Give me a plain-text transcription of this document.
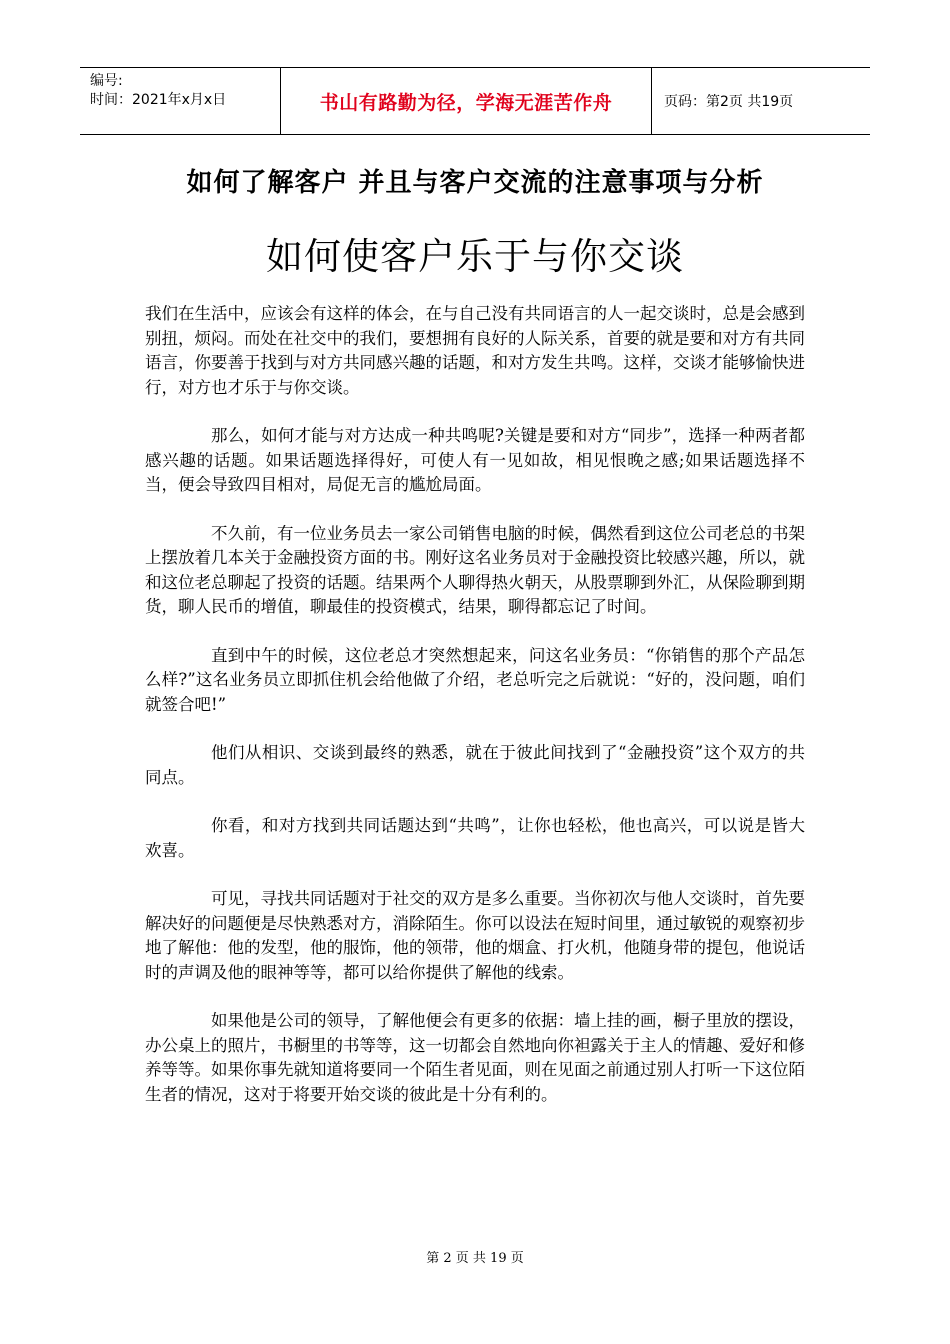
编号:
时间：2021年x月x日	书山有路勤为径，学海无涯苦作舟	页码：第2页 共19页
如何了解客户 并且与客户交流的注意事项与分析
如何使客户乐于与你交谈

我们在生活中，应该会有这样的体会，在与自己没有共同语言的人一起交谈时，总是会感到别扭，烦闷。而处在社交中的我们，要想拥有良好的人际关系，首要的就是要和对方有共同语言，你要善于找到与对方共同感兴趣的话题，和对方发生共鸣。这样，交谈才能够愉快进行，对方也才乐于与你交谈。

那么，如何才能与对方达成一种共鸣呢?关键是要和对方“同步”，选择一种两者都感兴趣的话题。如果话题选择得好，可使人有一见如故，相见恨晚之感;如果话题选择不当，便会导致四目相对，局促无言的尴尬局面。

不久前，有一位业务员去一家公司销售电脑的时候，偶然看到这位公司老总的书架上摆放着几本关于金融投资方面的书。刚好这名业务员对于金融投资比较感兴趣，所以，就和这位老总聊起了投资的话题。结果两个人聊得热火朝天，从股票聊到外汇，从保险聊到期货，聊人民币的增值，聊最佳的投资模式，结果，聊得都忘记了时间。

直到中午的时候，这位老总才突然想起来，问这名业务员：“你销售的那个产品怎么样?”这名业务员立即抓住机会给他做了介绍，老总听完之后就说：“好的，没问题，咱们就签合吧!”

他们从相识、交谈到最终的熟悉，就在于彼此间找到了“金融投资”这个双方的共同点。

你看，和对方找到共同话题达到“共鸣”，让你也轻松，他也高兴，可以说是皆大欢喜。

可见，寻找共同话题对于社交的双方是多么重要。当你初次与他人交谈时，首先要解决好的问题便是尽快熟悉对方，消除陌生。你可以设法在短时间里，通过敏锐的观察初步地了解他：他的发型，他的服饰，他的领带，他的烟盒、打火机，他随身带的提包，他说话时的声调及他的眼神等等，都可以给你提供了解他的线索。

如果他是公司的领导，了解他便会有更多的依据：墙上挂的画，橱子里放的摆设，办公桌上的照片，书橱里的书等等，这一切都会自然地向你袒露关于主人的情趣、爱好和修养等等。如果你事先就知道将要同一个陌生者见面，则在见面之前通过别人打听一下这位陌生者的情况，这对于将要开始交谈的彼此是十分有利的。

第 2 页 共 19 页
